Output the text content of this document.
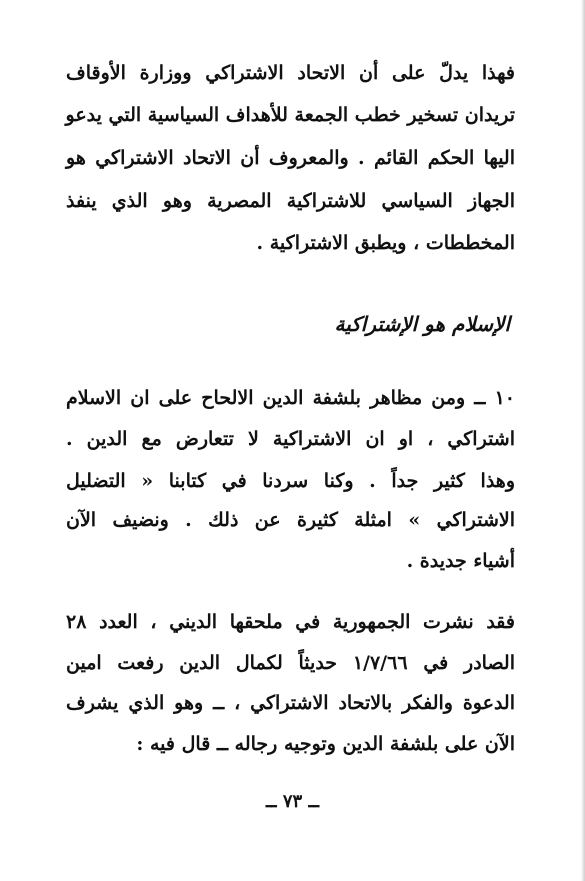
فهذا يدلّ على أن الاتحاد الاشتراكي ووزارة الأوقاف
تريدان تسخير خطب الجمعة للأهداف السياسية التي يدعو
اليها الحكم القائم . والمعروف أن الاتحاد الاشتراكي هو
الجهاز السياسي للاشتراكية المصرية وهو الذي ينفذ
المخططات ، ويطبق الاشتراكية .
الإسلام هو الإشتراكية
١٠ ــ ومن مظاهر بلشفة الدين الالحاح على ان الاسلام
اشتراكي ، او ان الاشتراكية لا تتعارض مع الدين .
وهذا كثير جداً . وكنا سردنا في كتابنا « التضليل
الاشتراكي » امثلة كثيرة عن ذلك . ونضيف الآن
أشياء جديدة .
فقد نشرت الجمهورية في ملحقها الديني ، العدد ٢٨
الصادر في ١/٧/٦٦ حديثاً لكمال الدين رفعت امين
الدعوة والفكر بالاتحاد الاشتراكي ، ــ وهو الذي يشرف
الآن على بلشفة الدين وتوجيه رجاله ــ قال فيه :
ــ ٧٣ ــ
